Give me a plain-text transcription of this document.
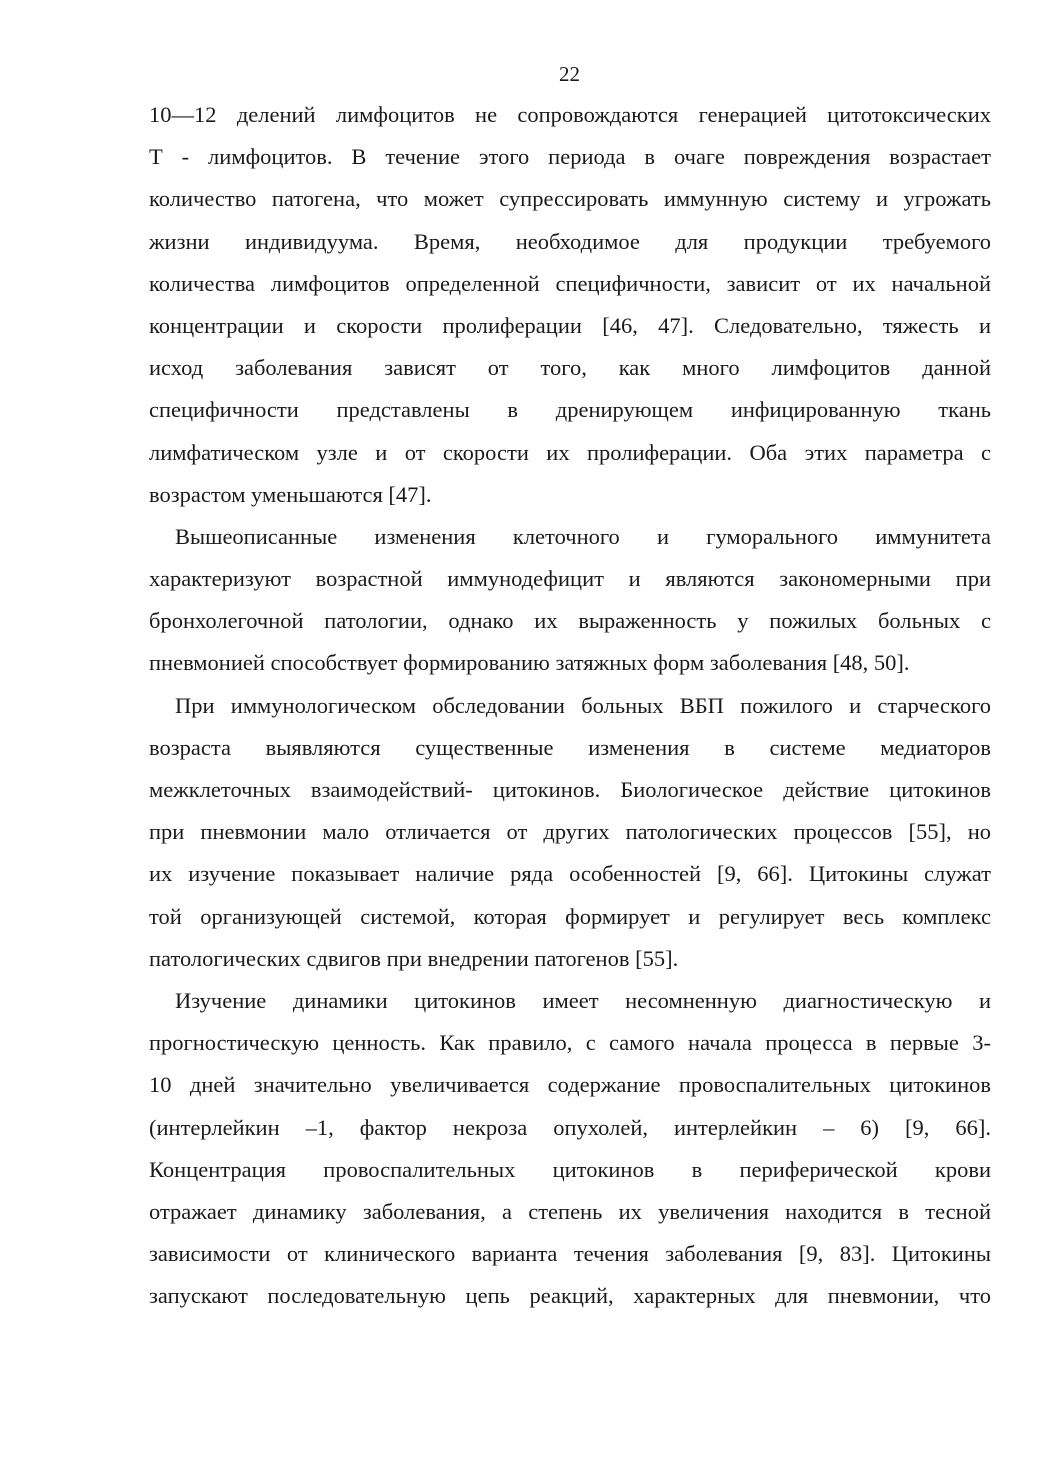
22
10—12 делений лимфоцитов не сопровождаются генерацией цитотоксических
Т - лимфоцитов. В течение этого периода в очаге повреждения возрастает
количество патогена, что может супрессировать иммунную систему и угрожать
жизни индивидуума. Время, необходимое для продукции требуемого
количества лимфоцитов определенной специфичности, зависит от их начальной
концентрации и скорости пролиферации [46, 47]. Следовательно, тяжесть и
исход заболевания зависят от того, как много лимфоцитов данной
специфичности представлены в дренирующем инфицированную ткань
лимфатическом узле и от скорости их пролиферации. Оба этих параметра с
возрастом уменьшаются [47].
Вышеописанные изменения клеточного и гуморального иммунитета
характеризуют возрастной иммунодефицит и являются закономерными при
бронхолегочной патологии, однако их выраженность у пожилых больных с
пневмонией способствует формированию затяжных форм заболевания [48, 50].
При иммунологическом обследовании больных ВБП пожилого и старческого
возраста выявляются существенные изменения в системе медиаторов
межклеточных взаимодействий- цитокинов. Биологическое действие цитокинов
при пневмонии мало отличается от других патологических процессов [55], но
их изучение показывает наличие ряда особенностей [9, 66]. Цитокины служат
той организующей системой, которая формирует и регулирует весь комплекс
патологических сдвигов при внедрении патогенов [55].
Изучение динамики цитокинов имеет несомненную диагностическую и
прогностическую ценность. Как правило, с самого начала процесса в первые 3-
10 дней значительно увеличивается содержание провоспалительных цитокинов
(интерлейкин –1, фактор некроза опухолей, интерлейкин – 6) [9, 66].
Концентрация провоспалительных цитокинов в периферической крови
отражает динамику заболевания, а степень их увеличения находится в тесной
зависимости от клинического варианта течения заболевания [9, 83]. Цитокины
запускают последовательную цепь реакций, характерных для пневмонии, что
